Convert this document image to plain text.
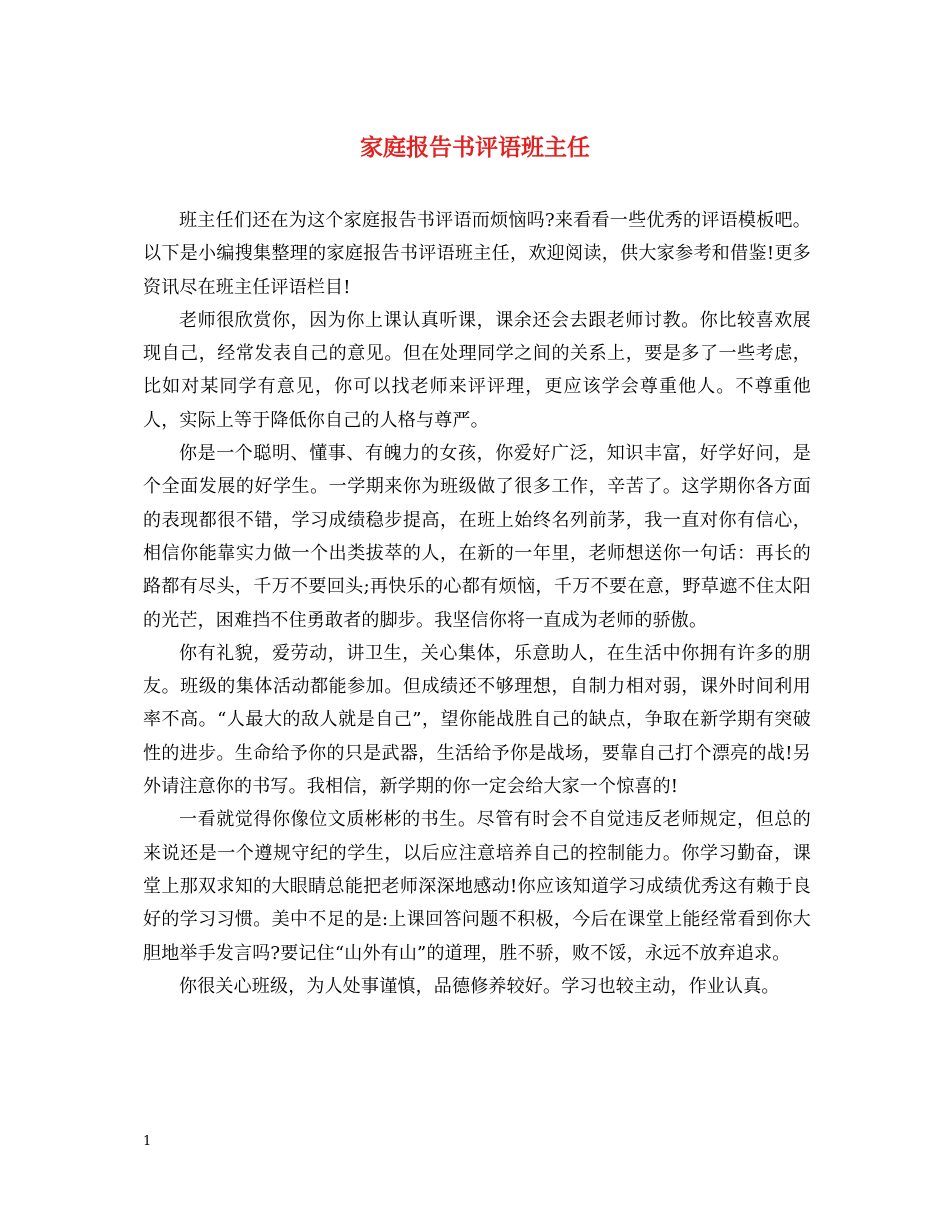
家庭报告书评语班主任

班主任们还在为这个家庭报告书评语而烦恼吗?来看看一些优秀的评语模板吧。以下是小编搜集整理的家庭报告书评语班主任，欢迎阅读，供大家参考和借鉴!更多资讯尽在班主任评语栏目!

老师很欣赏你，因为你上课认真听课，课余还会去跟老师讨教。你比较喜欢展现自己，经常发表自己的意见。但在处理同学之间的关系上，要是多了一些考虑，比如对某同学有意见，你可以找老师来评评理，更应该学会尊重他人。不尊重他人，实际上等于降低你自己的人格与尊严。

你是一个聪明、懂事、有魄力的女孩，你爱好广泛，知识丰富，好学好问，是个全面发展的好学生。一学期来你为班级做了很多工作，辛苦了。这学期你各方面的表现都很不错，学习成绩稳步提高，在班上始终名列前茅，我一直对你有信心，相信你能靠实力做一个出类拔萃的人，在新的一年里，老师想送你一句话：再长的路都有尽头，千万不要回头;再快乐的心都有烦恼，千万不要在意，野草遮不住太阳的光芒，困难挡不住勇敢者的脚步。我坚信你将一直成为老师的骄傲。

你有礼貌，爱劳动，讲卫生，关心集体，乐意助人，在生活中你拥有许多的朋友。班级的集体活动都能参加。但成绩还不够理想，自制力相对弱，课外时间利用率不高。“人最大的敌人就是自己”，望你能战胜自己的缺点，争取在新学期有突破性的进步。生命给予你的只是武器，生活给予你是战场，要靠自己打个漂亮的战!另外请注意你的书写。我相信，新学期的你一定会给大家一个惊喜的!

一看就觉得你像位文质彬彬的书生。尽管有时会不自觉违反老师规定，但总的来说还是一个遵规守纪的学生，以后应注意培养自己的控制能力。你学习勤奋，课堂上那双求知的大眼睛总能把老师深深地感动!你应该知道学习成绩优秀这有赖于良好的学习习惯。美中不足的是:上课回答问题不积极，今后在课堂上能经常看到你大胆地举手发言吗?要记住“山外有山”的道理，胜不骄，败不馁，永远不放弃追求。

你很关心班级，为人处事谨慎，品德修养较好。学习也较主动，作业认真。

1
